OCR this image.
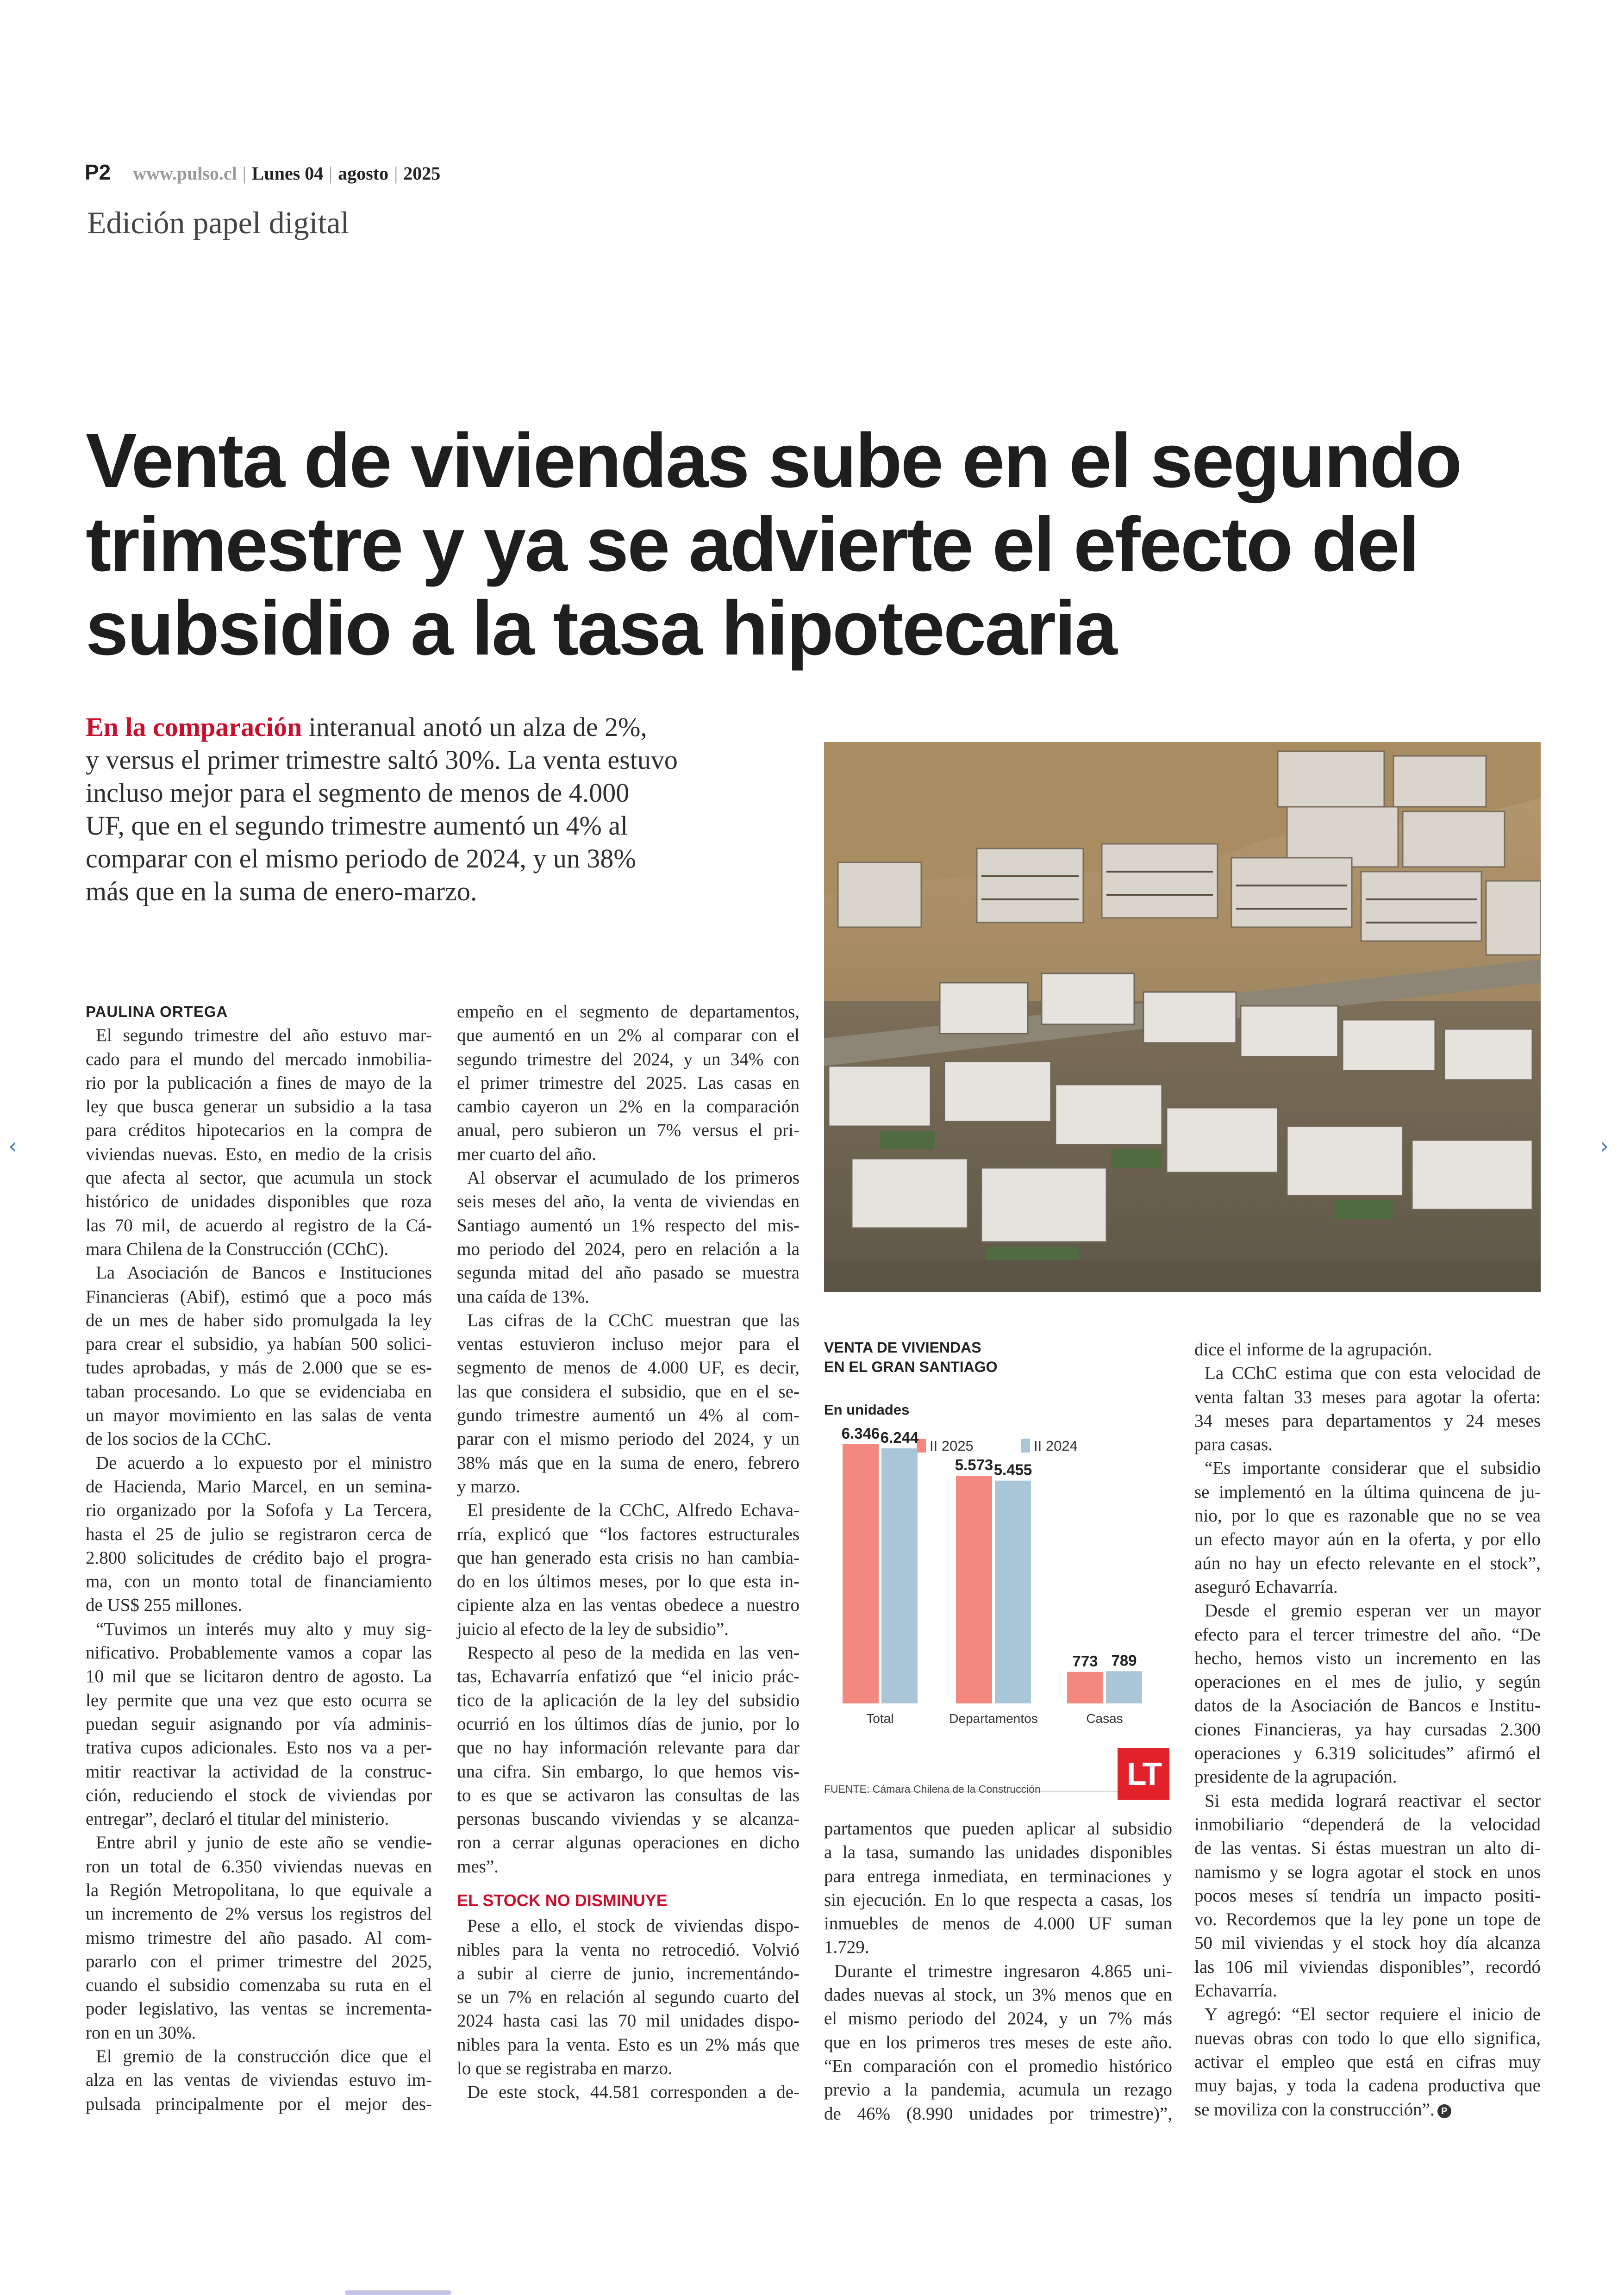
P2 www.pulso.cl | Lunes 04 | agosto | 2025
Edición papel digital
Venta de viviendas sube en el segundo
trimestre y ya se advierte el efecto del
subsidio a la tasa hipotecaria
En la comparación interanual anotó un alza de 2%,
y versus el primer trimestre saltó 30%. La venta estuvo
incluso mejor para el segmento de menos de 4.000
UF, que en el segundo trimestre aumentó un 4% al
comparar con el mismo periodo de 2024, y un 38%
más que en la suma de enero-marzo.
PAULINA ORTEGA
El segundo trimestre del año estuvo mar-
cado para el mundo del mercado inmobilia-
rio por la publicación a fines de mayo de la
ley que busca generar un subsidio a la tasa
para créditos hipotecarios en la compra de
viviendas nuevas. Esto, en medio de la crisis
que afecta al sector, que acumula un stock
histórico de unidades disponibles que roza
las 70 mil, de acuerdo al registro de la Cá-
mara Chilena de la Construcción (CChC).
La Asociación de Bancos e Instituciones
Financieras (Abif), estimó que a poco más
de un mes de haber sido promulgada la ley
para crear el subsidio, ya habían 500 solici-
tudes aprobadas, y más de 2.000 que se es-
taban procesando. Lo que se evidenciaba en
un mayor movimiento en las salas de venta
de los socios de la CChC.
De acuerdo a lo expuesto por el ministro
de Hacienda, Mario Marcel, en un semina-
rio organizado por la Sofofa y La Tercera,
hasta el 25 de julio se registraron cerca de
2.800 solicitudes de crédito bajo el progra-
ma, con un monto total de financiamiento
de US$ 255 millones.
“Tuvimos un interés muy alto y muy sig-
nificativo. Probablemente vamos a copar las
10 mil que se licitaron dentro de agosto. La
ley permite que una vez que esto ocurra se
puedan seguir asignando por vía adminis-
trativa cupos adicionales. Esto nos va a per-
mitir reactivar la actividad de la construc-
ción, reduciendo el stock de viviendas por
entregar”, declaró el titular del ministerio.
Entre abril y junio de este año se vendie-
ron un total de 6.350 viviendas nuevas en
la Región Metropolitana, lo que equivale a
un incremento de 2% versus los registros del
mismo trimestre del año pasado. Al com-
pararlo con el primer trimestre del 2025,
cuando el subsidio comenzaba su ruta en el
poder legislativo, las ventas se incrementa-
ron en un 30%.
El gremio de la construcción dice que el
alza en las ventas de viviendas estuvo im-
pulsada principalmente por el mejor des-
empeño en el segmento de departamentos,
que aumentó en un 2% al comparar con el
segundo trimestre del 2024, y un 34% con
el primer trimestre del 2025. Las casas en
cambio cayeron un 2% en la comparación
anual, pero subieron un 7% versus el pri-
mer cuarto del año.
Al observar el acumulado de los primeros
seis meses del año, la venta de viviendas en
Santiago aumentó un 1% respecto del mis-
mo periodo del 2024, pero en relación a la
segunda mitad del año pasado se muestra
una caída de 13%.
Las cifras de la CChC muestran que las
ventas estuvieron incluso mejor para el
segmento de menos de 4.000 UF, es decir,
las que considera el subsidio, que en el se-
gundo trimestre aumentó un 4% al com-
parar con el mismo periodo del 2024, y un
38% más que en la suma de enero, febrero
y marzo.
El presidente de la CChC, Alfredo Echava-
rría, explicó que “los factores estructurales
que han generado esta crisis no han cambia-
do en los últimos meses, por lo que esta in-
cipiente alza en las ventas obedece a nuestro
juicio al efecto de la ley de subsidio”.
Respecto al peso de la medida en las ven-
tas, Echavarría enfatizó que “el inicio prác-
tico de la aplicación de la ley del subsidio
ocurrió en los últimos días de junio, por lo
que no hay información relevante para dar
una cifra. Sin embargo, lo que hemos vis-
to es que se activaron las consultas de las
personas buscando viviendas y se alcanza-
ron a cerrar algunas operaciones en dicho
mes”.
EL STOCK NO DISMINUYE
Pese a ello, el stock de viviendas dispo-
nibles para la venta no retrocedió. Volvió
a subir al cierre de junio, incrementándo-
se un 7% en relación al segundo cuarto del
2024 hasta casi las 70 mil unidades dispo-
nibles para la venta. Esto es un 2% más que
lo que se registraba en marzo.
De este stock, 44.581 corresponden a de-
VENTA DE VIVIENDAS
EN EL GRAN SANTIAGO
En unidades
II 2025	II 2024
6.346 6.244
Total
5.573 5.455
Departamentos
773 789
Casas
FUENTE: Cámara Chilena de la Construcción	LT
partamentos que pueden aplicar al subsidio
a la tasa, sumando las unidades disponibles
para entrega inmediata, en terminaciones y
sin ejecución. En lo que respecta a casas, los
inmuebles de menos de 4.000 UF suman
1.729.
Durante el trimestre ingresaron 4.865 uni-
dades nuevas al stock, un 3% menos que en
el mismo periodo del 2024, y un 7% más
que en los primeros tres meses de este año.
“En comparación con el promedio histórico
previo a la pandemia, acumula un rezago
de 46% (8.990 unidades por trimestre)”,
dice el informe de la agrupación.
La CChC estima que con esta velocidad de
venta faltan 33 meses para agotar la oferta:
34 meses para departamentos y 24 meses
para casas.
“Es importante considerar que el subsidio
se implementó en la última quincena de ju-
nio, por lo que es razonable que no se vea
un efecto mayor aún en la oferta, y por ello
aún no hay un efecto relevante en el stock”,
aseguró Echavarría.
Desde el gremio esperan ver un mayor
efecto para el tercer trimestre del año. “De
hecho, hemos visto un incremento en las
operaciones en el mes de julio, y según
datos de la Asociación de Bancos e Institu-
ciones Financieras, ya hay cursadas 2.300
operaciones y 6.319 solicitudes” afirmó el
presidente de la agrupación.
Si esta medida logrará reactivar el sector
inmobiliario “dependerá de la velocidad
de las ventas. Si éstas muestran un alto di-
namismo y se logra agotar el stock en unos
pocos meses sí tendría un impacto positi-
vo. Recordemos que la ley pone un tope de
50 mil viviendas y el stock hoy día alcanza
las 106 mil viviendas disponibles”, recordó
Echavarría.
Y agregó: “El sector requiere el inicio de
nuevas obras con todo lo que ello significa,
activar el empleo que está en cifras muy
muy bajas, y toda la cadena productiva que
se moviliza con la construcción”. P
‹	›
